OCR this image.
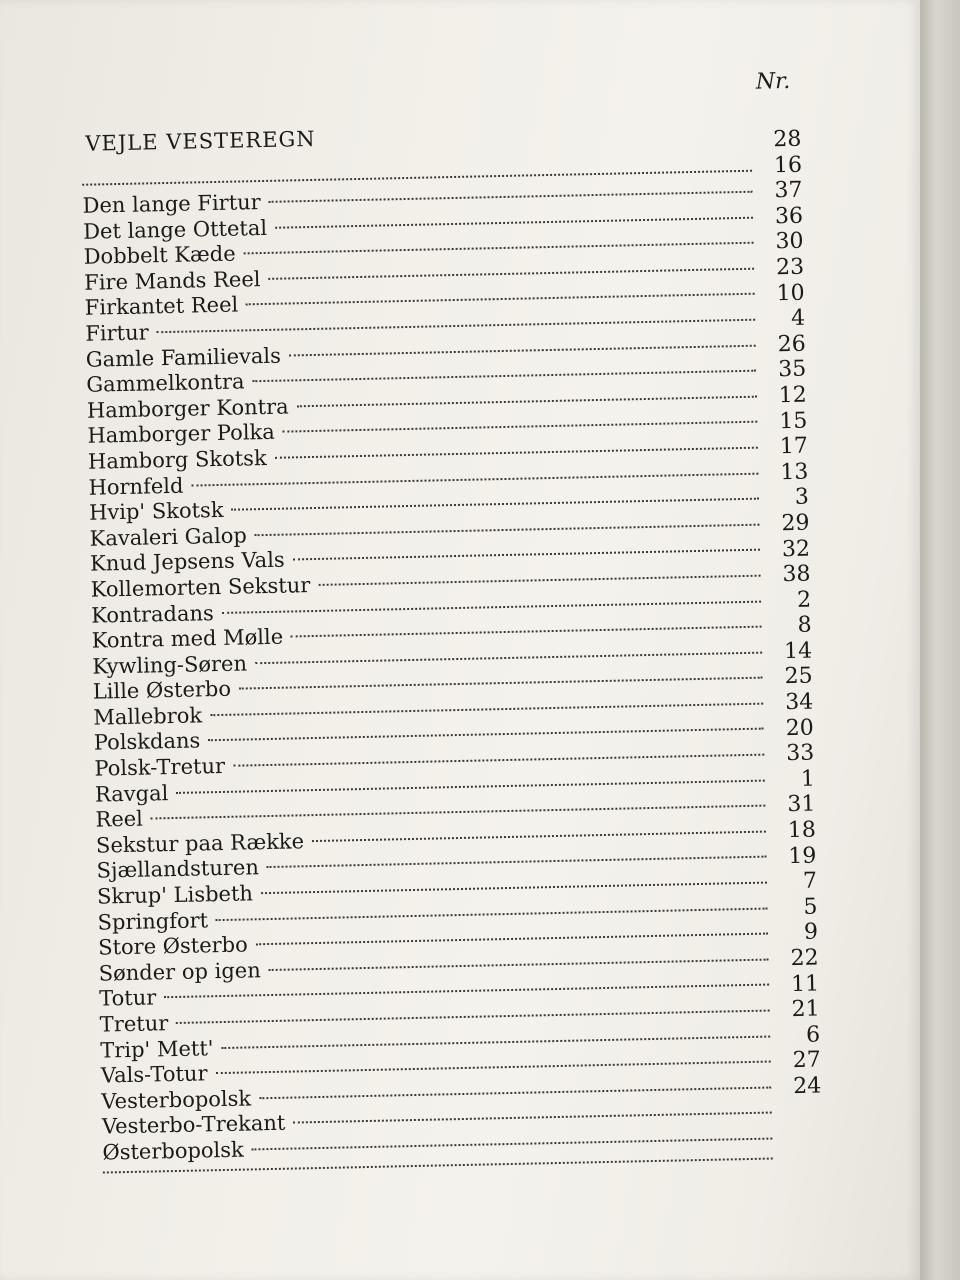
Nr.
VEJLE VESTEREGN
Den lange Firtur
Det lange Ottetal
Dobbelt Kæde
Fire Mands Reel
Firkantet Reel
Firtur
Gamle Familievals
Gammelkontra
Hamborger Kontra
Hamborger Polka
Hamborg Skotsk
Hornfeld
Hvip' Skotsk
Kavaleri Galop
Knud Jepsens Vals
Kollemorten Sekstur
Kontradans
Kontra med Mølle
Kywling-Søren
Lille Østerbo
Mallebrok
Polskdans
Polsk-Tretur
Ravgal
Reel
Sekstur paa Række
Sjællandsturen
Skrup' Lisbeth
Springfort
Store Østerbo
Sønder op igen
Totur
Tretur
Trip' Mett'
Vals-Totur
Vesterbopolsk
Vesterbo-Trekant
Østerbopolsk
28
16
37
36
30
23
10
4
26
35
12
15
17
13
3
29
32
38
2
8
14
25
34
20
33
1
31
18
19
7
5
9
22
11
21
6
27
24
